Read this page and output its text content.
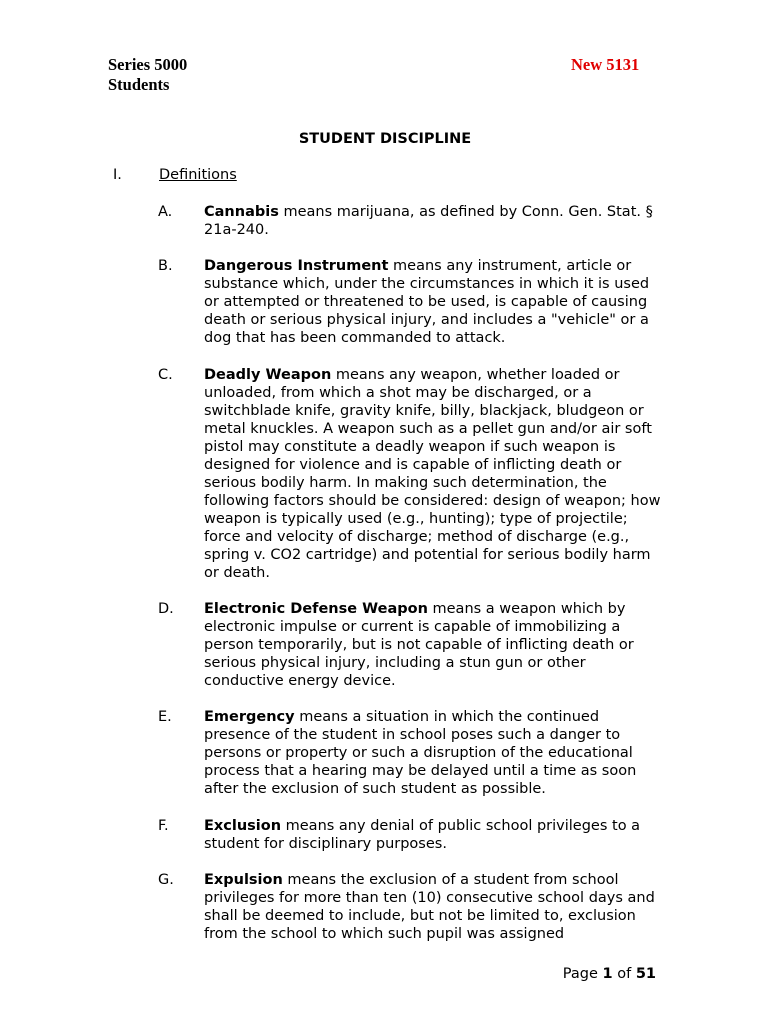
Series 5000
Students
New 5131
STUDENT DISCIPLINE
I.	Definitions
A. Cannabis means marijuana, as defined by Conn. Gen. Stat. § 21a-240.
B. Dangerous Instrument means any instrument, article or substance which, under the circumstances in which it is used or attempted or threatened to be used, is capable of causing death or serious physical injury, and includes a "vehicle" or a dog that has been commanded to attack.
C. Deadly Weapon means any weapon, whether loaded or unloaded, from which a shot may be discharged, or a switchblade knife, gravity knife, billy, blackjack, bludgeon or metal knuckles. A weapon such as a pellet gun and/or air soft pistol may constitute a deadly weapon if such weapon is designed for violence and is capable of inflicting death or serious bodily harm. In making such determination, the following factors should be considered: design of weapon; how weapon is typically used (e.g., hunting); type of projectile; force and velocity of discharge; method of discharge (e.g., spring v. CO2 cartridge) and potential for serious bodily harm or death.
D. Electronic Defense Weapon means a weapon which by electronic impulse or current is capable of immobilizing a person temporarily, but is not capable of inflicting death or serious physical injury, including a stun gun or other conductive energy device.
E. Emergency means a situation in which the continued presence of the student in school poses such a danger to persons or property or such a disruption of the educational process that a hearing may be delayed until a time as soon after the exclusion of such student as possible.
F. Exclusion means any denial of public school privileges to a student for disciplinary purposes.
G. Expulsion means the exclusion of a student from school privileges for more than ten (10) consecutive school days and shall be deemed to include, but not be limited to, exclusion from the school to which such pupil was assigned
Page 1 of 51
